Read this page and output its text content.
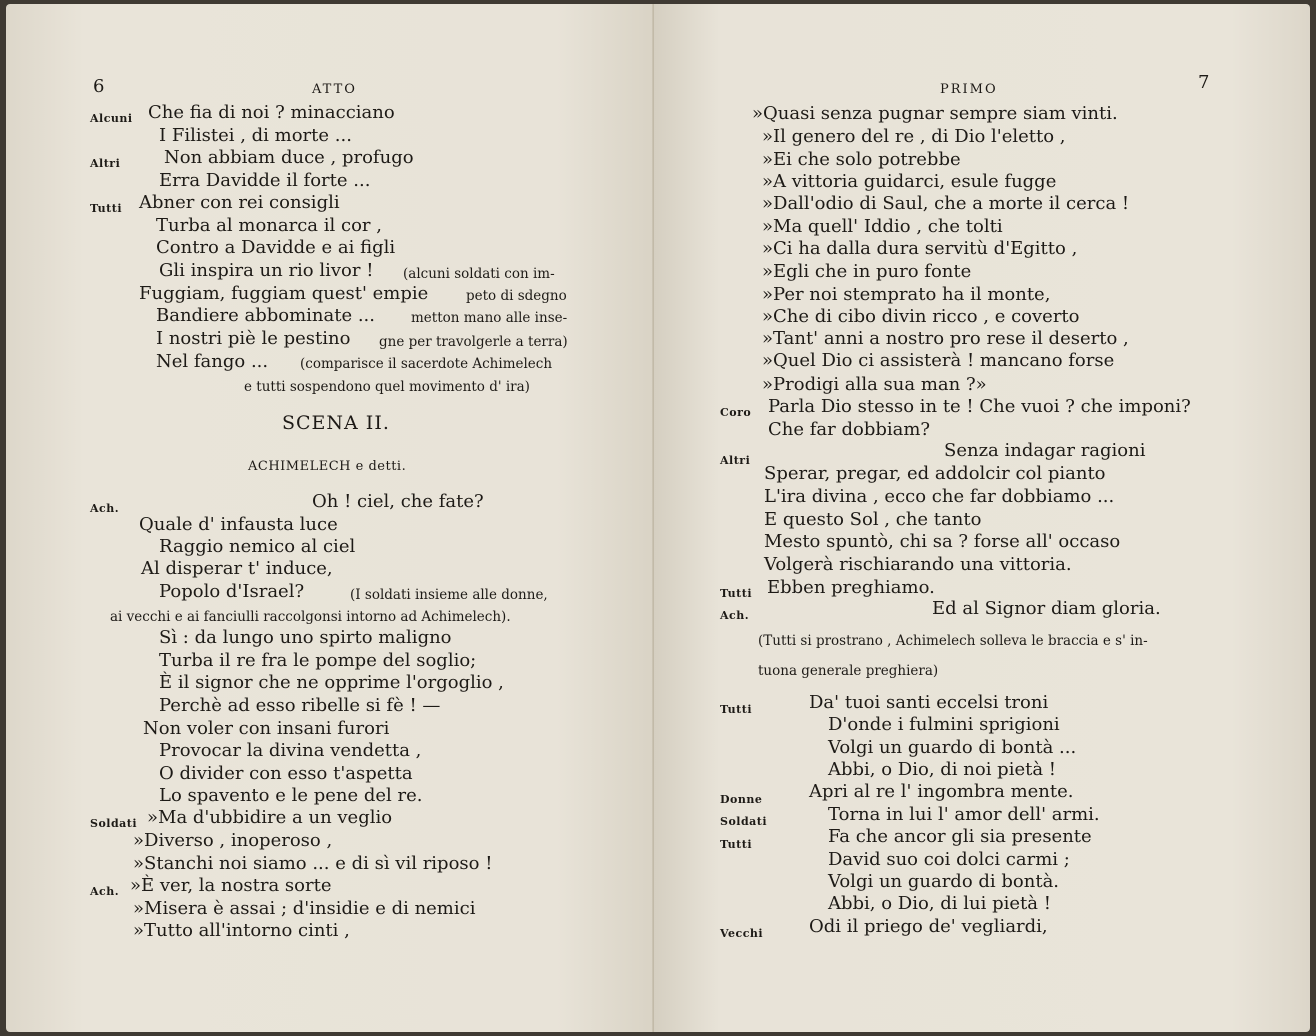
6	ATTO
Alcuni Che fia di noi ? minacciano
I Filistei , di morte ...
Altri Non abbiam duce , profugo
Erra Davidde il forte ...
Tutti Abner con rei consigli
Turba al monarca il cor ,
Contro a Davidde e ai figli
Gli inspira un rio livor ! (alcuni soldati con im-
Fuggiam, fuggiam quest' empie	peto di sdegno
Bandiere abbominate ...	metton mano alle inse-
I nostri piè le pestino gne per travolgerle a terra)
Nel fango ... (comparisce il sacerdote Achimelech
e tutti sospendono quel movimento d' ira)
SCENA II.
ACHIMELECH e detti.
Ach.	Oh ! ciel, che fate?
Quale d' infausta luce
Raggio nemico al ciel
Al disperar t' induce,
Popolo d'Israel?	(I soldati insieme alle donne,
ai vecchi e ai fanciulli raccolgonsi intorno ad Achimelech).
Sì : da lungo uno spirto maligno
Turba il re fra le pompe del soglio;
È il signor che ne opprime l'orgoglio ,
Perchè ad esso ribelle si fè ! —
Non voler con insani furori
Provocar la divina vendetta ,
O divider con esso t'aspetta
Lo spavento e le pene del re.
Soldati »Ma d'ubbidire a un veglio
»Diverso , inoperoso ,
»Stanchi noi siamo ... e di sì vil riposo !
Ach. »È ver, la nostra sorte
»Misera è assai ; d'insidie e di nemici
»Tutto all'intorno cinti ,
PRIMO	7
»Quasi senza pugnar sempre siam vinti.
»Il genero del re , di Dio l'eletto ,
»Ei che solo potrebbe
»A vittoria guidarci, esule fugge
»Dall'odio di Saul, che a morte il cerca !
»Ma quell' Iddio , che tolti
»Ci ha dalla dura servitù d'Egitto ,
»Egli che in puro fonte
»Per noi stemprato ha il monte,
»Che di cibo divin ricco , e coverto
»Tant' anni a nostro pro rese il deserto ,
»Quel Dio ci assisterà ! mancano forse
»Prodigi alla sua man ?»
Coro Parla Dio stesso in te ! Che vuoi ? che imponi?
Che far dobbiam?
Altri	Senza indagar ragioni
Sperar, pregar, ed addolcir col pianto
L'ira divina , ecco che far dobbiamo ...
E questo Sol , che tanto
Mesto spuntò, chi sa ? forse all' occaso
Volgerà rischiarando una vittoria.
Tutti Ebben preghiamo.
Ach.	Ed al Signor diam gloria.
(Tutti si prostrano , Achimelech solleva le braccia e s' in-
tuona generale preghiera)
Tutti	Da' tuoi santi eccelsi troni
D'onde i fulmini sprigioni
Volgi un guardo di bontà ...
Abbi, o Dio, di noi pietà !
Donne	Apri al re l' ingombra mente.
Soldati	Torna in lui l' amor dell' armi.
Tutti	Fa che ancor gli sia presente
David suo coi dolci carmi ;
Volgi un guardo di bontà.
Abbi, o Dio, di lui pietà !
Vecchi	Odi il priego de' vegliardi,
